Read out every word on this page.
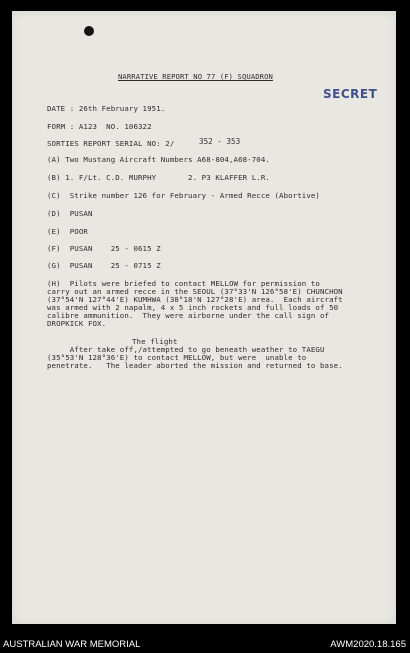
NARRATIVE REPORT NO 77 (F) SQUADRON
SECRET
DATE : 26th February 1951.
FORM : A123  NO. 106322
SORTIES REPORT SERIAL NO: 2/	352 - 353
(A) Two Mustang Aircraft Numbers A68-804,A68-704.
(B) 1. F/Lt. C.D. MURPHY       2. P3 KLAFFER L.R.
(C)  Strike number 126 for February - Armed Recce (Abortive)
(D)  PUSAN
(E)  POOR
(F)  PUSAN    25 - 0615 Z
(G)  PUSAN    25 - 0715 Z
(H)  Pilots were briefed to contact MELLOW for permission to
carry out an armed recce in the SEOUL (37°33'N 126°58'E) CHUNCHON
(37°54'N 127°44'E) KUMHWA (38°18'N 127°28'E) area.  Each aircraft
was armed with 2 napalm, 4 x 5 inch rockets and full loads of 50
calibre ammunition.  They were airborne under the call sign of
DROPKICK FOX.
The flight
After take off,/attempted to go beneath weather to TAEGU
(35°53'N 128°36'E) to contact MELLOW, but were  unable to
penetrate.   The leader aborted the mission and returned to base.
AUSTRALIAN WAR MEMORIAL	AWM2020.18.165
